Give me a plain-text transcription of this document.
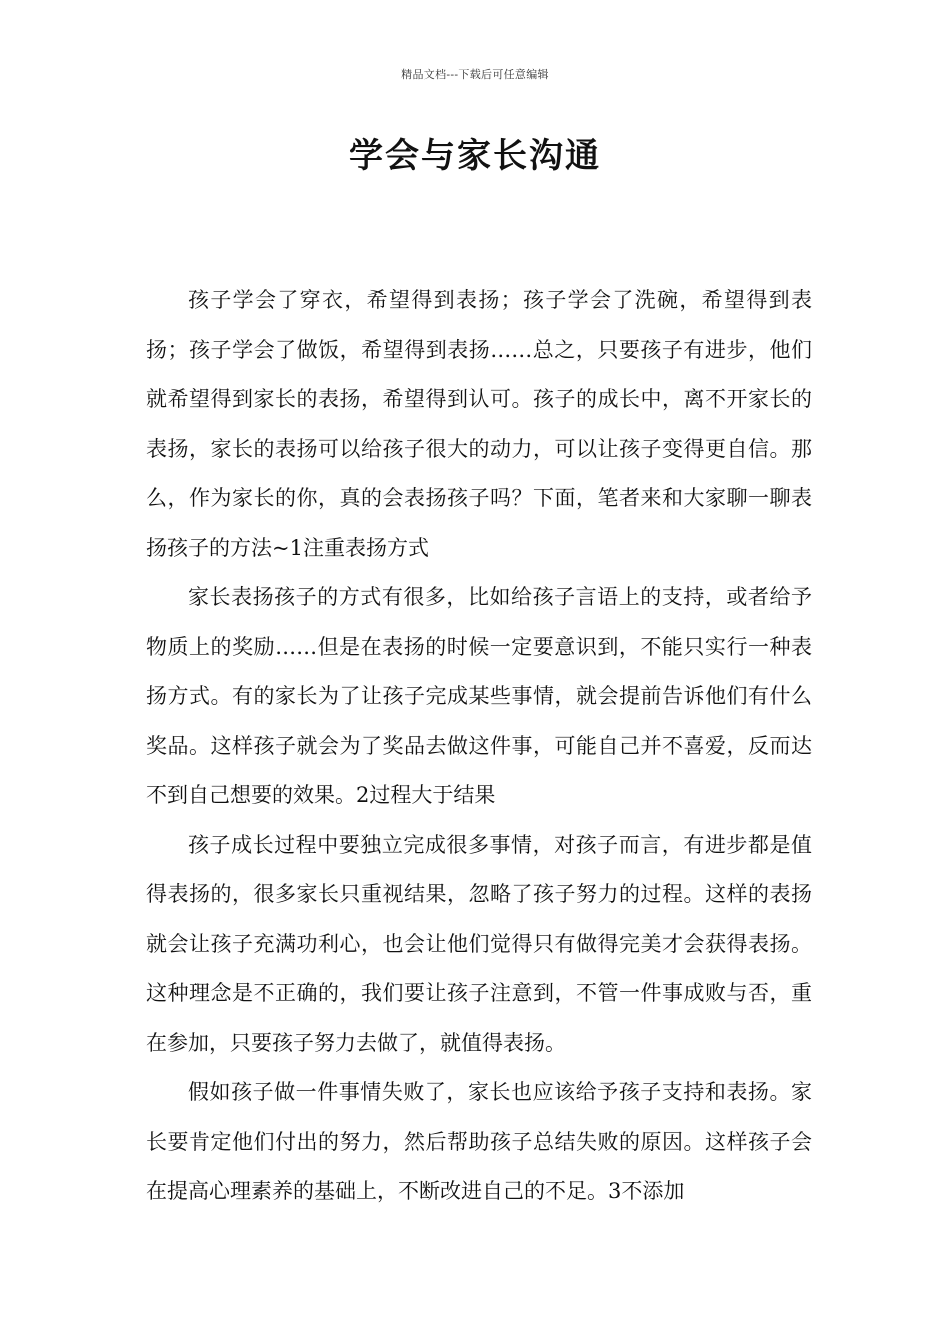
精品文档---下载后可任意编辑
学会与家长沟通

孩子学会了穿衣，希望得到表扬；孩子学会了洗碗，希望得到表扬；孩子学会了做饭，希望得到表扬……总之，只要孩子有进步，他们就希望得到家长的表扬，希望得到认可。孩子的成长中，离不开家长的表扬，家长的表扬可以给孩子很大的动力，可以让孩子变得更自信。那么，作为家长的你，真的会表扬孩子吗？下面，笔者来和大家聊一聊表扬孩子的方法~1注重表扬方式

家长表扬孩子的方式有很多，比如给孩子言语上的支持，或者给予物质上的奖励……但是在表扬的时候一定要意识到，不能只实行一种表扬方式。有的家长为了让孩子完成某些事情，就会提前告诉他们有什么奖品。这样孩子就会为了奖品去做这件事，可能自己并不喜爱，反而达不到自己想要的效果。2过程大于结果

孩子成长过程中要独立完成很多事情，对孩子而言，有进步都是值得表扬的，很多家长只重视结果，忽略了孩子努力的过程。这样的表扬就会让孩子充满功利心，也会让他们觉得只有做得完美才会获得表扬。这种理念是不正确的，我们要让孩子注意到，不管一件事成败与否，重在参加，只要孩子努力去做了，就值得表扬。

假如孩子做一件事情失败了，家长也应该给予孩子支持和表扬。家长要肯定他们付出的努力，然后帮助孩子总结失败的原因。这样孩子会在提高心理素养的基础上，不断改进自己的不足。3不添加
